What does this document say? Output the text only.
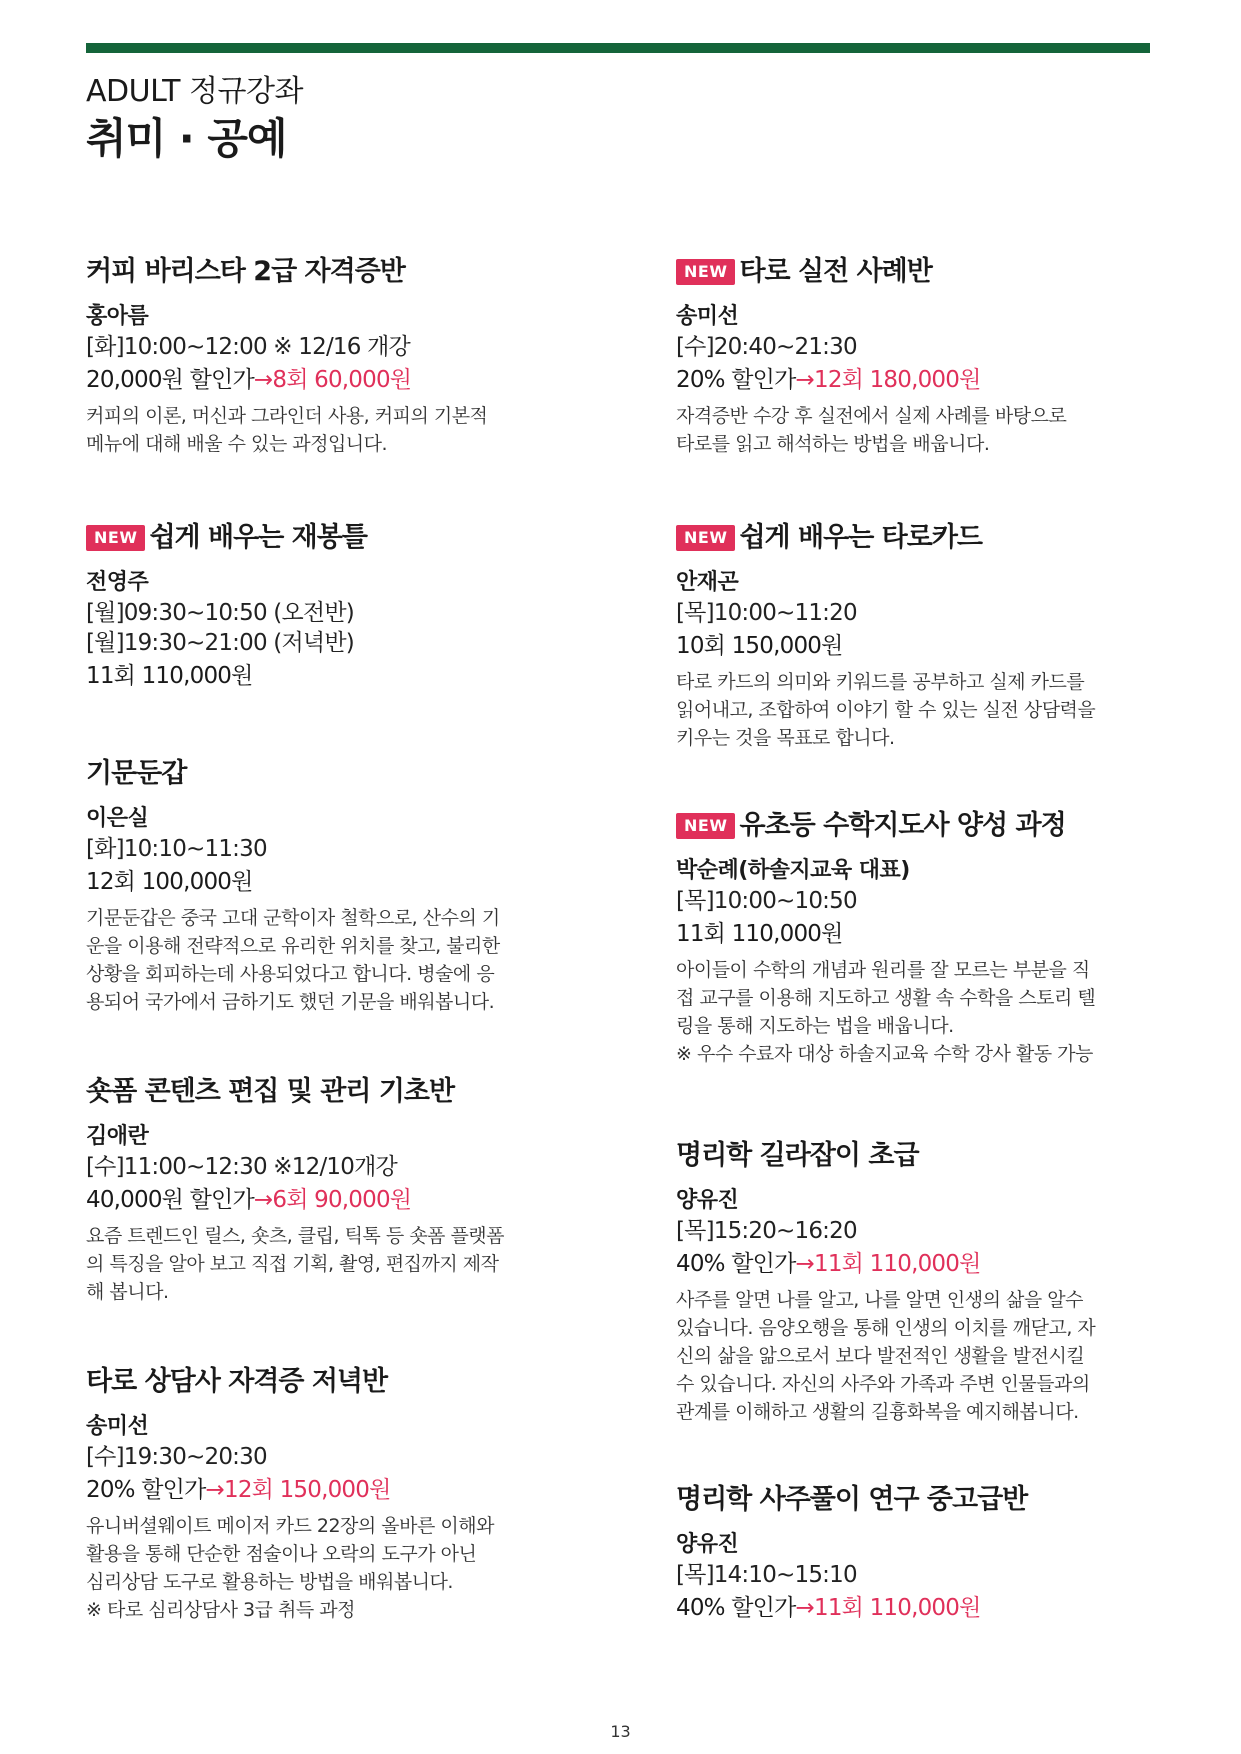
ADULT 정규강좌
취미 · 공예
커피 바리스타 2급 자격증반
홍아름
[화]10:00~12:00 ※ 12/16 개강
20,000원 할인가→8회 60,000원
커피의 이론, 머신과 그라인더 사용, 커피의 기본적
메뉴에 대해 배울 수 있는 과정입니다.
NEW 쉽게 배우는 재봉틀
전영주
[월]09:30~10:50 (오전반)
[월]19:30~21:00 (저녁반)
11회 110,000원
기문둔갑
이은실
[화]10:10~11:30
12회 100,000원
기문둔갑은 중국 고대 군학이자 철학으로, 산수의 기
운을 이용해 전략적으로 유리한 위치를 찾고, 불리한
상황을 회피하는데 사용되었다고 합니다. 병술에 응
용되어 국가에서 금하기도 했던 기문을 배워봅니다.
숏폼 콘텐츠 편집 및 관리 기초반
김애란
[수]11:00~12:30 ※12/10개강
40,000원 할인가→6회 90,000원
요즘 트렌드인 릴스, 숏츠, 클립, 틱톡 등 숏폼 플랫폼
의 특징을 알아 보고 직접 기획, 촬영, 편집까지 제작
해 봅니다.
타로 상담사 자격증 저녁반
송미선
[수]19:30~20:30
20% 할인가→12회 150,000원
유니버셜웨이트 메이저 카드 22장의 올바른 이해와
활용을 통해 단순한 점술이나 오락의 도구가 아닌
심리상담 도구로 활용하는 방법을 배워봅니다.
※ 타로 심리상담사 3급 취득 과정
NEW 타로 실전 사례반
송미선
[수]20:40~21:30
20% 할인가→12회 180,000원
자격증반 수강 후 실전에서 실제 사례를 바탕으로
타로를 읽고 해석하는 방법을 배웁니다.
NEW 쉽게 배우는 타로카드
안재곤
[목]10:00~11:20
10회 150,000원
타로 카드의 의미와 키워드를 공부하고 실제 카드를
읽어내고, 조합하여 이야기 할 수 있는 실전 상담력을
키우는 것을 목표로 합니다.
NEW 유초등 수학지도사 양성 과정
박순례(하솔지교육 대표)
[목]10:00~10:50
11회 110,000원
아이들이 수학의 개념과 원리를 잘 모르는 부분을 직
접 교구를 이용해 지도하고 생활 속 수학을 스토리 텔
링을 통해 지도하는 법을 배웁니다.
※ 우수 수료자 대상 하솔지교육 수학 강사 활동 가능
명리학 길라잡이 초급
양유진
[목]15:20~16:20
40% 할인가→11회 110,000원
사주를 알면 나를 알고, 나를 알면 인생의 삶을 알수
있습니다. 음양오행을 통해 인생의 이치를 깨닫고, 자
신의 삶을 앎으로서 보다 발전적인 생활을 발전시킬
수 있습니다. 자신의 사주와 가족과 주변 인물들과의
관계를 이해하고 생활의 길흉화복을 예지해봅니다.
명리학 사주풀이 연구 중고급반
양유진
[목]14:10~15:10
40% 할인가→11회 110,000원
13
